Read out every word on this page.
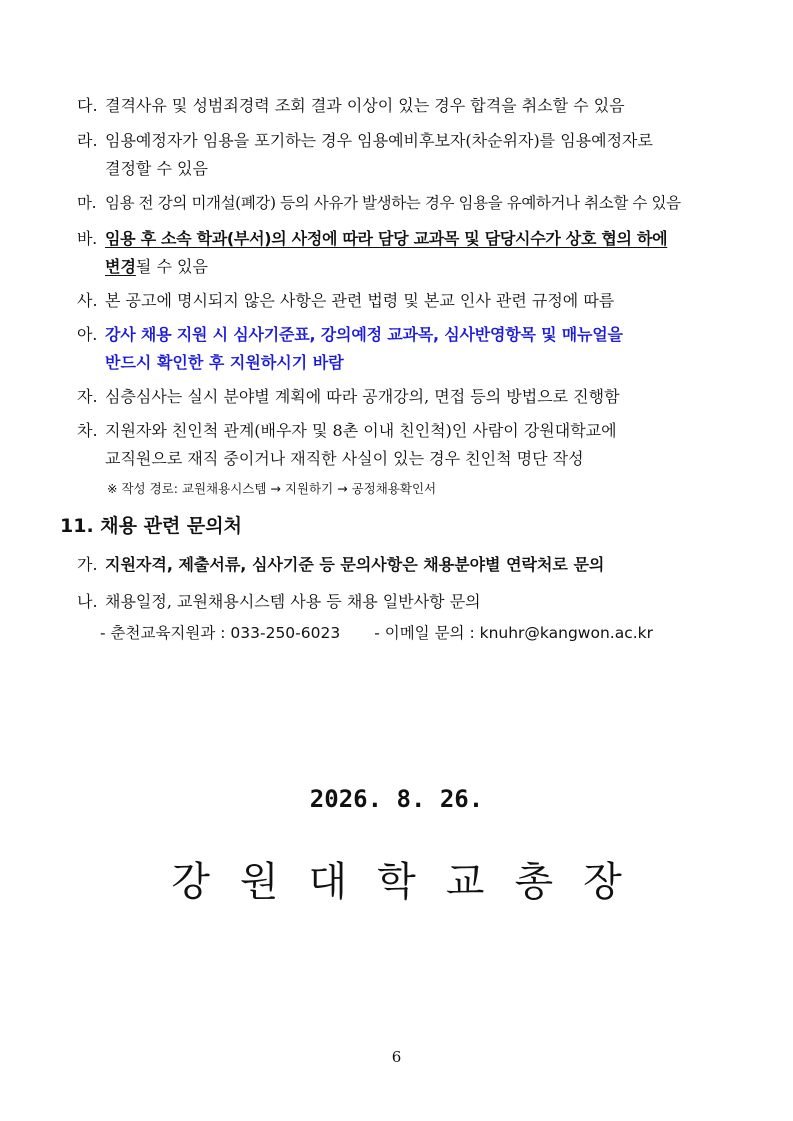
다. 결격사유 및 성범죄경력 조회 결과 이상이 있는 경우 합격을 취소할 수 있음
라. 임용예정자가 임용을 포기하는 경우 임용예비후보자(차순위자)를 임용예정자로
결정할 수 있음
마. 임용 전 강의 미개설(폐강) 등의 사유가 발생하는 경우 임용을 유예하거나 취소할 수 있음
바. 임용 후 소속 학과(부서)의 사정에 따라 담당 교과목 및 담당시수가 상호 협의 하에
변경될 수 있음
사. 본 공고에 명시되지 않은 사항은 관련 법령 및 본교 인사 관련 규정에 따름
아. 강사 채용 지원 시 심사기준표, 강의예정 교과목, 심사반영항목 및 매뉴얼을
반드시 확인한 후 지원하시기 바람
자. 심층심사는 실시 분야별 계획에 따라 공개강의, 면접 등의 방법으로 진행함
차. 지원자와 친인척 관계(배우자 및 8촌 이내 친인척)인 사람이 강원대학교에
교직원으로 재직 중이거나 재직한 사실이 있는 경우 친인척 명단 작성
※ 작성 경로: 교원채용시스템 → 지원하기 → 공정채용확인서
11. 채용 관련 문의처
가. 지원자격, 제출서류, 심사기준 등 문의사항은 채용분야별 연락처로 문의
나. 채용일정, 교원채용시스템 사용 등 채용 일반사항 문의
- 춘천교육지원과 : 033-250-6023 - 이메일 문의 : knuhr@kangwon.ac.kr
2026. 8. 26.
강원대학교총장
6
